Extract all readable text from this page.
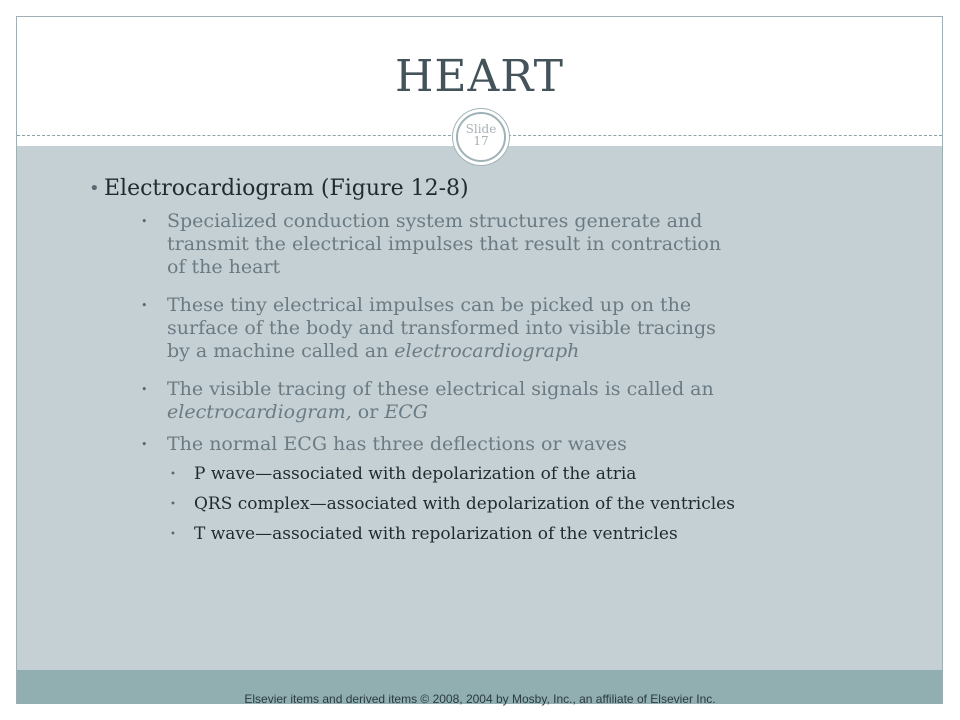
HEART
Slide
17
• Electrocardiogram (Figure 12-8)
• Specialized conduction system structures generate and
transmit the electrical impulses that result in contraction
of the heart
• These tiny electrical impulses can be picked up on the
surface of the body and transformed into visible tracings
by a machine called an electrocardiograph
• The visible tracing of these electrical signals is called an
electrocardiogram, or ECG
• The normal ECG has three deflections or waves
• P wave—associated with depolarization of the atria
• QRS complex—associated with depolarization of the ventricles
• T wave—associated with repolarization of the ventricles
Elsevier items and derived items © 2008, 2004 by Mosby, Inc., an affiliate of Elsevier Inc.
